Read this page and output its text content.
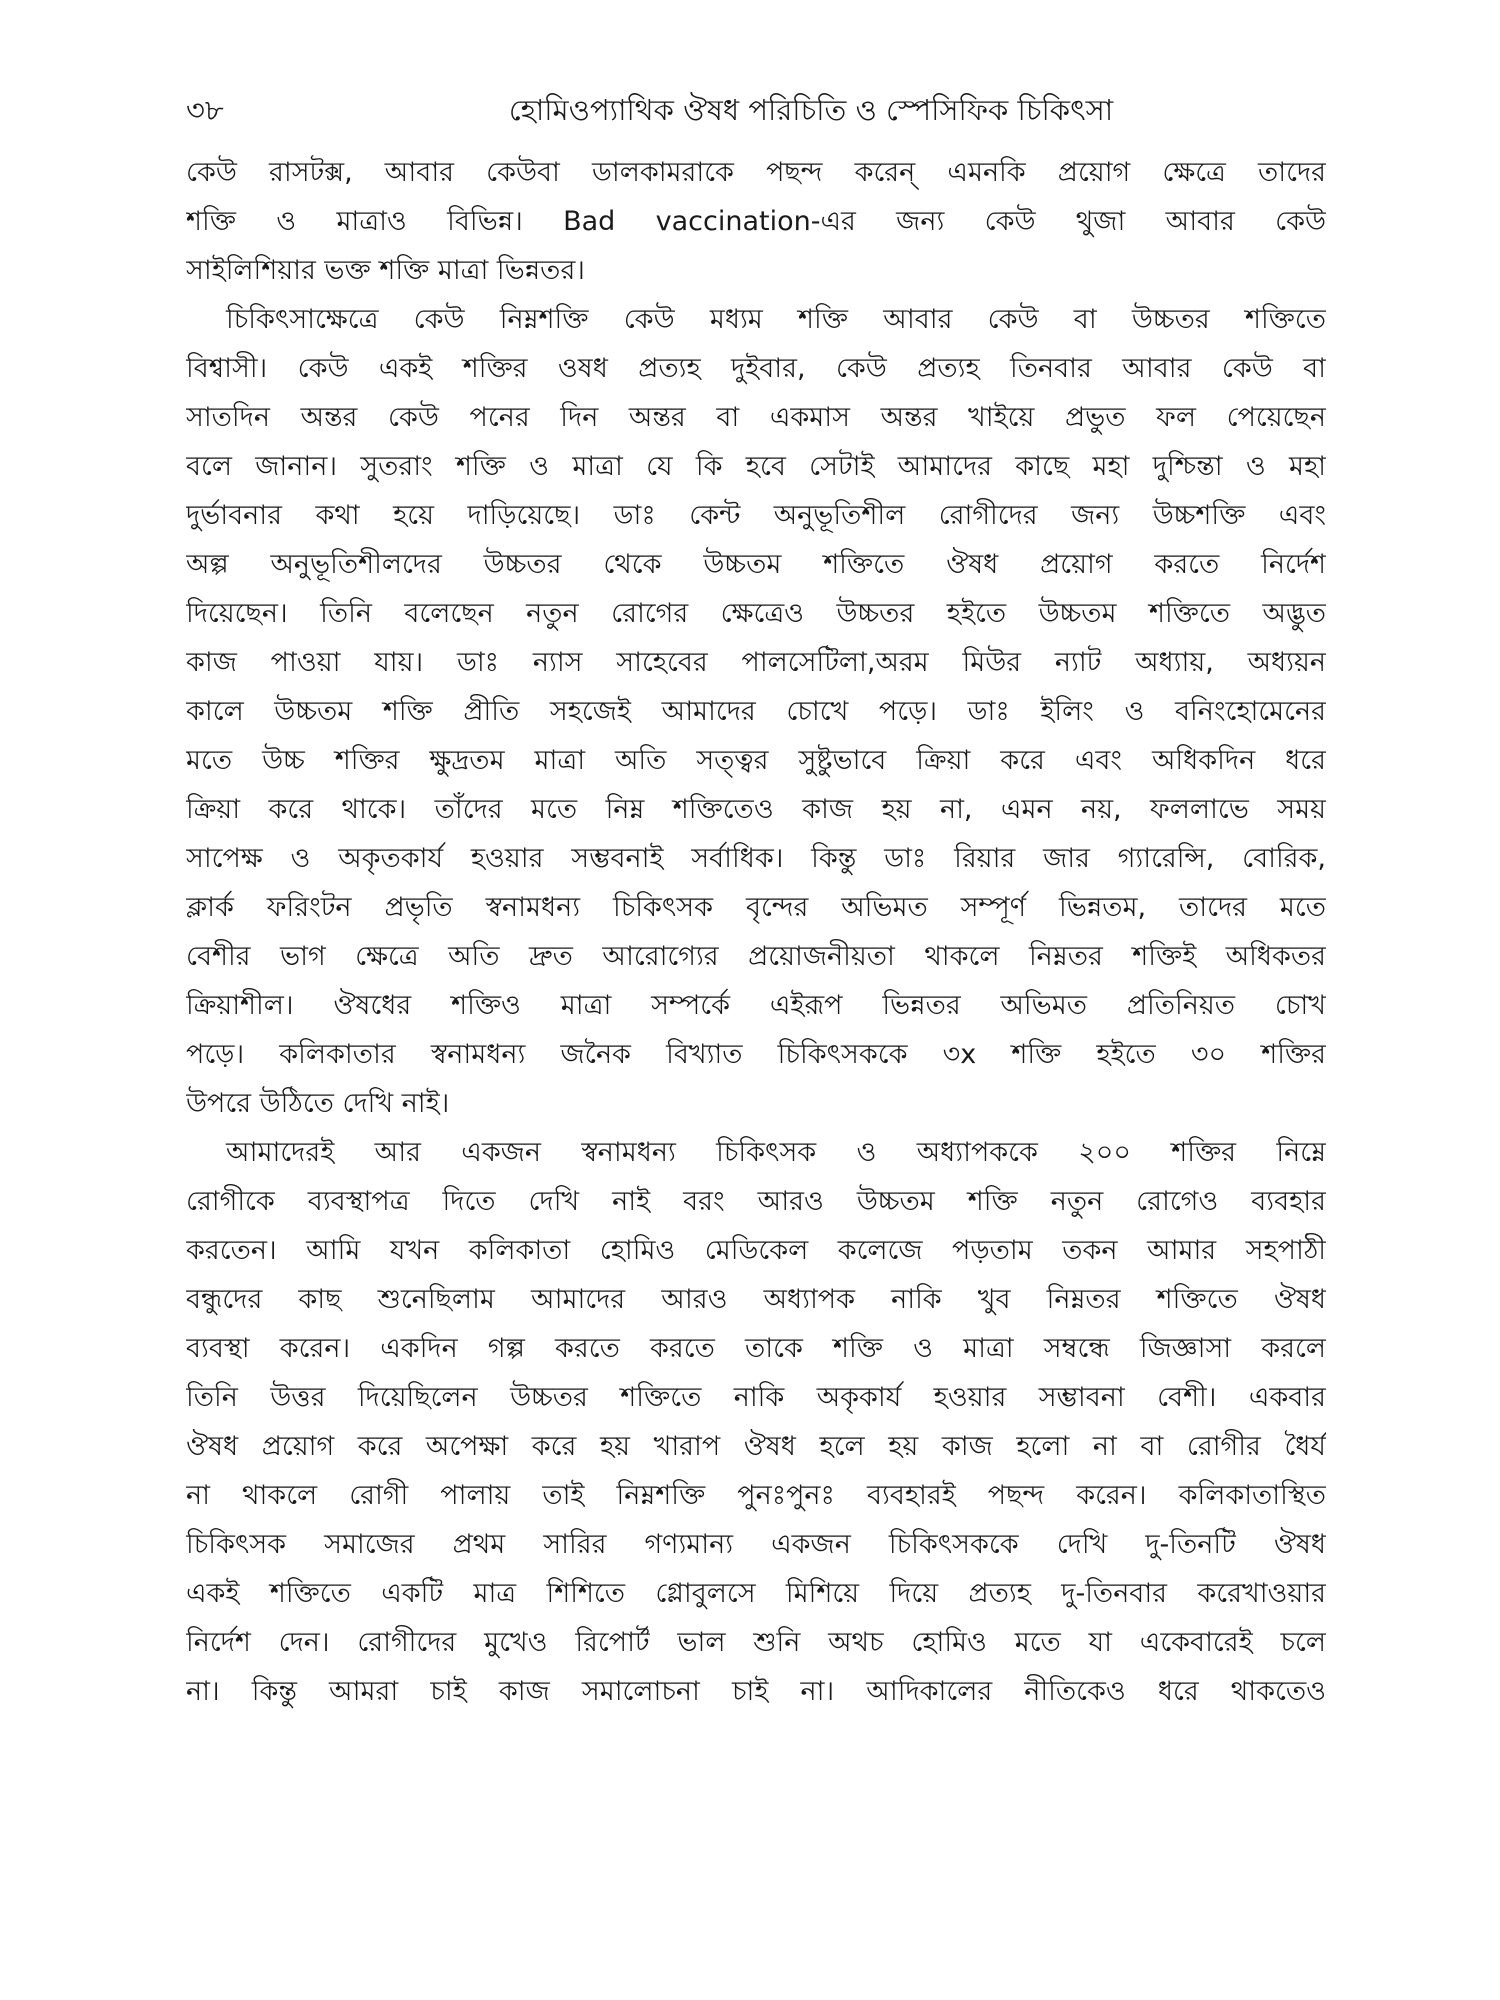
৩৮	হোমিওপ্যাথিক ঔষধ পরিচিতি ও স্পেসিফিক চিকিৎসা
কেউ রাসটক্স, আবার কেউবা ডালকামরাকে পছন্দ করেন্ এমনকি প্রয়োগ ক্ষেত্রে তাদের
শক্তি ও মাত্রাও বিভিন্ন। Bad vaccination-এর জন্য কেউ থুজা আবার কেউ
সাইলিশিয়ার ভক্ত শক্তি মাত্রা ভিন্নতর।
চিকিৎসাক্ষেত্রে কেউ নিম্নশক্তি কেউ মধ্যম শক্তি আবার কেউ বা উচ্চতর শক্তিতে
বিশ্বাসী। কেউ একই শক্তির ওষধ প্রত্যহ দুইবার, কেউ প্রত্যহ তিনবার আবার কেউ বা
সাতদিন অন্তর কেউ পনের দিন অন্তর বা একমাস অন্তর খাইয়ে প্রভুত ফল পেয়েছেন
বলে জানান। সুতরাং শক্তি ও মাত্রা যে কি হবে সেটাই আমাদের কাছে মহা দুশ্চিন্তা ও মহা
দুর্ভাবনার কথা হয়ে দাড়িয়েছে। ডাঃ কেন্ট অনুভূতিশীল রোগীদের জন্য উচ্চশক্তি এবং
অল্প অনুভূতিশীলদের উচ্চতর থেকে উচ্চতম শক্তিতে ঔষধ প্রয়োগ করতে নির্দেশ
দিয়েছেন। তিনি বলেছেন নতুন রোগের ক্ষেত্রেও উচ্চতর হইতে উচ্চতম শক্তিতে অদ্ভুত
কাজ পাওয়া যায়। ডাঃ ন্যাস সাহেবের পালসেটিলা,অরম মিউর ন্যাট অধ্যায়, অধ্যয়ন
কালে উচ্চতম শক্তি প্রীতি সহজেই আমাদের চোখে পড়ে। ডাঃ ইলিং ও বনিংহোমেনের
মতে উচ্চ শক্তির ক্ষুদ্রতম মাত্রা অতি সত্ত্বর সুষ্টুভাবে ক্রিয়া করে এবং অধিকদিন ধরে
ক্রিয়া করে থাকে। তাঁদের মতে নিম্ন শক্তিতেও কাজ হয় না, এমন নয়, ফললাভে সময়
সাপেক্ষ ও অকৃতকার্য হওয়ার সম্ভবনাই সর্বাধিক। কিন্তু ডাঃ রিয়ার জার গ্যারেন্সি, বোরিক,
ক্লার্ক ফরিংটন প্রভৃতি স্বনামধন্য চিকিৎসক বৃন্দের অভিমত সম্পূর্ণ ভিন্নতম, তাদের মতে
বেশীর ভাগ ক্ষেত্রে অতি দ্রুত আরোগ্যের প্রয়োজনীয়তা থাকলে নিম্নতর শক্তিই অধিকতর
ক্রিয়াশীল। ঔষধের শক্তিও মাত্রা সম্পর্কে এইরূপ ভিন্নতর অভিমত প্রতিনিয়ত চোখ
পড়ে। কলিকাতার স্বনামধন্য জনৈক বিখ্যাত চিকিৎসককে ৩x শক্তি হইতে ৩০ শক্তির
উপরে উঠিতে দেখি নাই।
আমাদেরই আর একজন স্বনামধন্য চিকিৎসক ও অধ্যাপককে ২০০ শক্তির নিম্নে
রোগীকে ব্যবস্থাপত্র দিতে দেখি নাই বরং আরও উচ্চতম শক্তি নতুন রোগেও ব্যবহার
করতেন। আমি যখন কলিকাতা হোমিও মেডিকেল কলেজে পড়তাম তকন আমার সহপাঠী
বন্ধুদের কাছ শুনেছিলাম আমাদের আরও অধ্যাপক নাকি খুব নিম্নতর শক্তিতে ঔষধ
ব্যবস্থা করেন। একদিন গল্প করতে করতে তাকে শক্তি ও মাত্রা সম্বন্ধে জিজ্ঞাসা করলে
তিনি উত্তর দিয়েছিলেন উচ্চতর শক্তিতে নাকি অকৃকার্য হওয়ার সম্ভাবনা বেশী। একবার
ঔষধ প্রয়োগ করে অপেক্ষা করে হয় খারাপ ঔষধ হলে হয় কাজ হলো না বা রোগীর ধৈর্য
না থাকলে রোগী পালায় তাই নিম্নশক্তি পুনঃপুনঃ ব্যবহারই পছন্দ করেন। কলিকাতাস্থিত
চিকিৎসক সমাজের প্রথম সারির গণ্যমান্য একজন চিকিৎসককে দেখি দু-তিনটি ঔষধ
একই শক্তিতে একটি মাত্র শিশিতে গ্লোবুলসে মিশিয়ে দিয়ে প্রত্যহ দু-তিনবার করেখাওয়ার
নির্দেশ দেন। রোগীদের মুখেও রিপোর্ট ভাল শুনি অথচ হোমিও মতে যা একেবারেই চলে
না। কিন্তু আমরা চাই কাজ সমালোচনা চাই না। আদিকালের নীতিকেও ধরে থাকতেও
